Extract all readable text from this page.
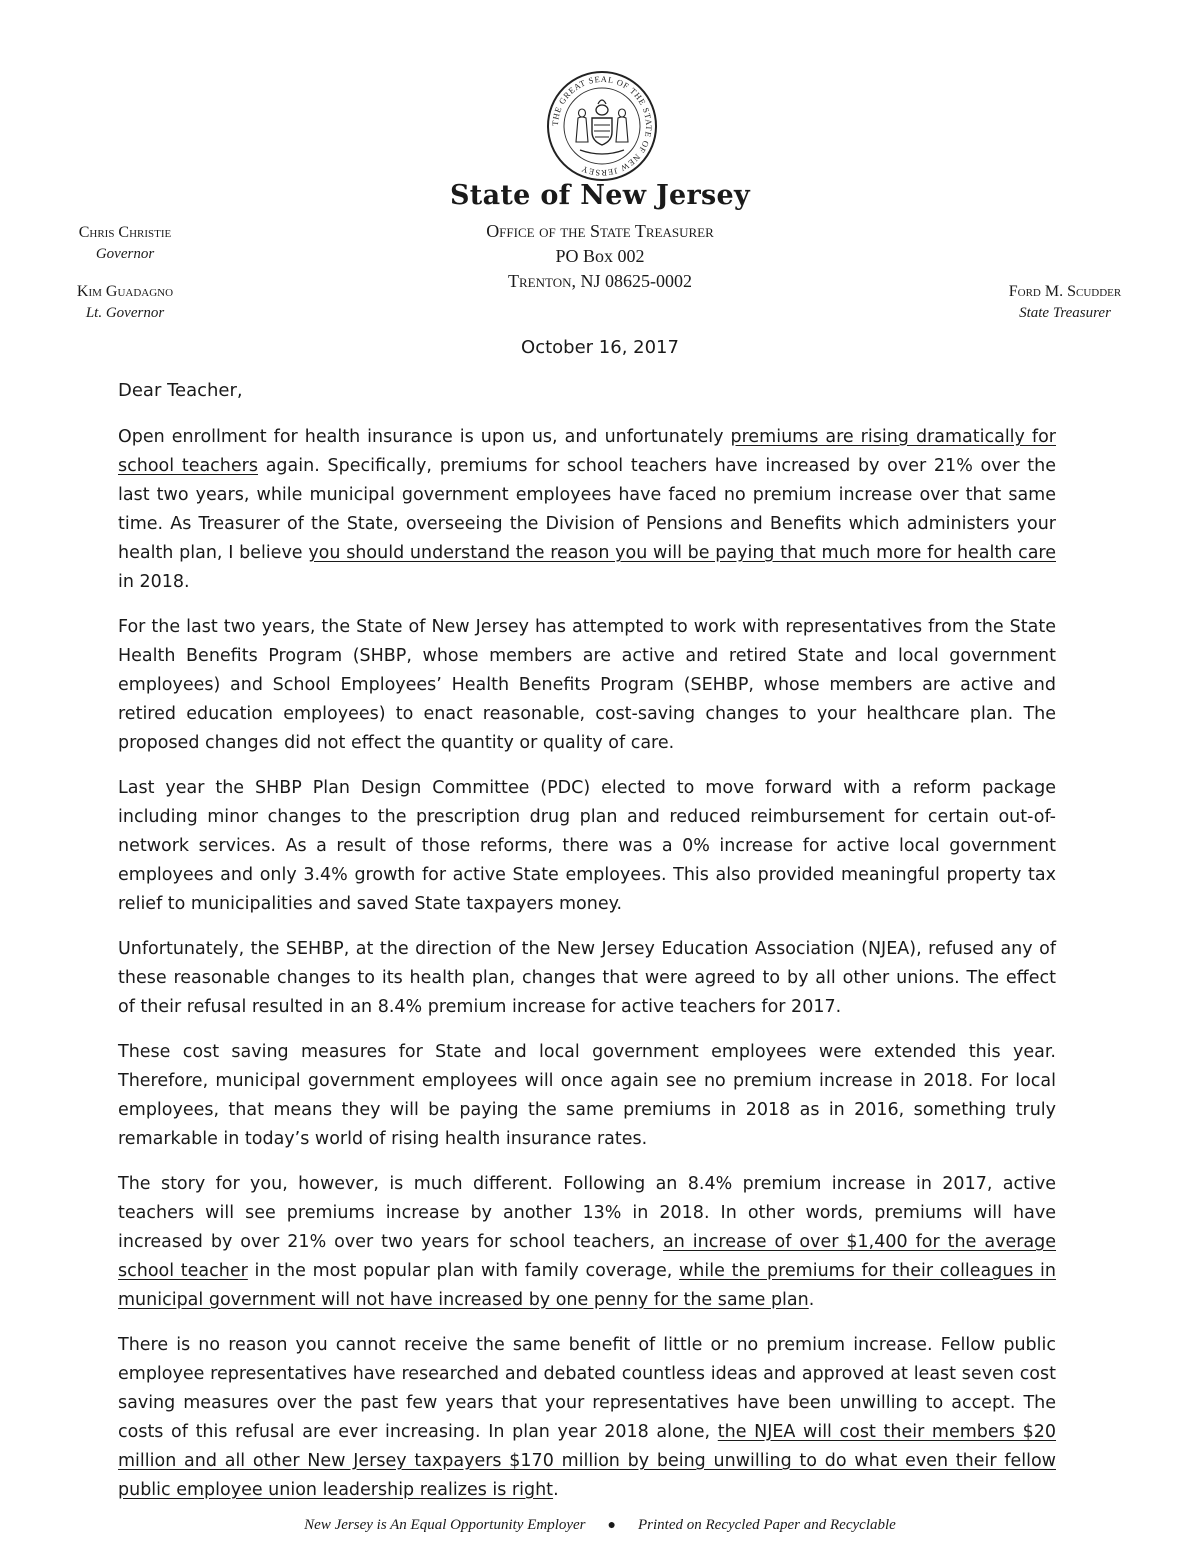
THE GREAT SEAL OF THE STATE OF NEW JERSEY
State of New Jersey
Office of the State Treasurer
PO Box 002
Trenton, NJ 08625-0002
Chris Christie
Governor
Kim Guadagno
Lt. Governor
Ford M. Scudder
State Treasurer
October 16, 2017
Dear Teacher,

Open enrollment for health insurance is upon us, and unfortunately premiums are rising dramatically for school teachers again. Specifically, premiums for school teachers have increased by over 21% over the last two years, while municipal government employees have faced no premium increase over that same time. As Treasurer of the State, overseeing the Division of Pensions and Benefits which administers your health plan, I believe you should understand the reason you will be paying that much more for health care in 2018.

For the last two years, the State of New Jersey has attempted to work with representatives from the State Health Benefits Program (SHBP, whose members are active and retired State and local government employees) and School Employees’ Health Benefits Program (SEHBP, whose members are active and retired education employees) to enact reasonable, cost-saving changes to your healthcare plan. The proposed changes did not effect the quantity or quality of care.

Last year the SHBP Plan Design Committee (PDC) elected to move forward with a reform package including minor changes to the prescription drug plan and reduced reimbursement for certain out-of-network services. As a result of those reforms, there was a 0% increase for active local government employees and only 3.4% growth for active State employees. This also provided meaningful property tax relief to municipalities and saved State taxpayers money.

Unfortunately, the SEHBP, at the direction of the New Jersey Education Association (NJEA), refused any of these reasonable changes to its health plan, changes that were agreed to by all other unions. The effect of their refusal resulted in an 8.4% premium increase for active teachers for 2017.

These cost saving measures for State and local government employees were extended this year. Therefore, municipal government employees will once again see no premium increase in 2018. For local employees, that means they will be paying the same premiums in 2018 as in 2016, something truly remarkable in today’s world of rising health insurance rates.

The story for you, however, is much different. Following an 8.4% premium increase in 2017, active teachers will see premiums increase by another 13% in 2018. In other words, premiums will have increased by over 21% over two years for school teachers, an increase of over $1,400 for the average school teacher in the most popular plan with family coverage, while the premiums for their colleagues in municipal government will not have increased by one penny for the same plan.

There is no reason you cannot receive the same benefit of little or no premium increase. Fellow public employee representatives have researched and debated countless ideas and approved at least seven cost saving measures over the past few years that your representatives have been unwilling to accept. The costs of this refusal are ever increasing. In plan year 2018 alone, the NJEA will cost their members $20 million and all other New Jersey taxpayers $170 million by being unwilling to do what even their fellow public employee union leadership realizes is right.

New Jersey is An Equal Opportunity Employer ● Printed on Recycled Paper and Recyclable
